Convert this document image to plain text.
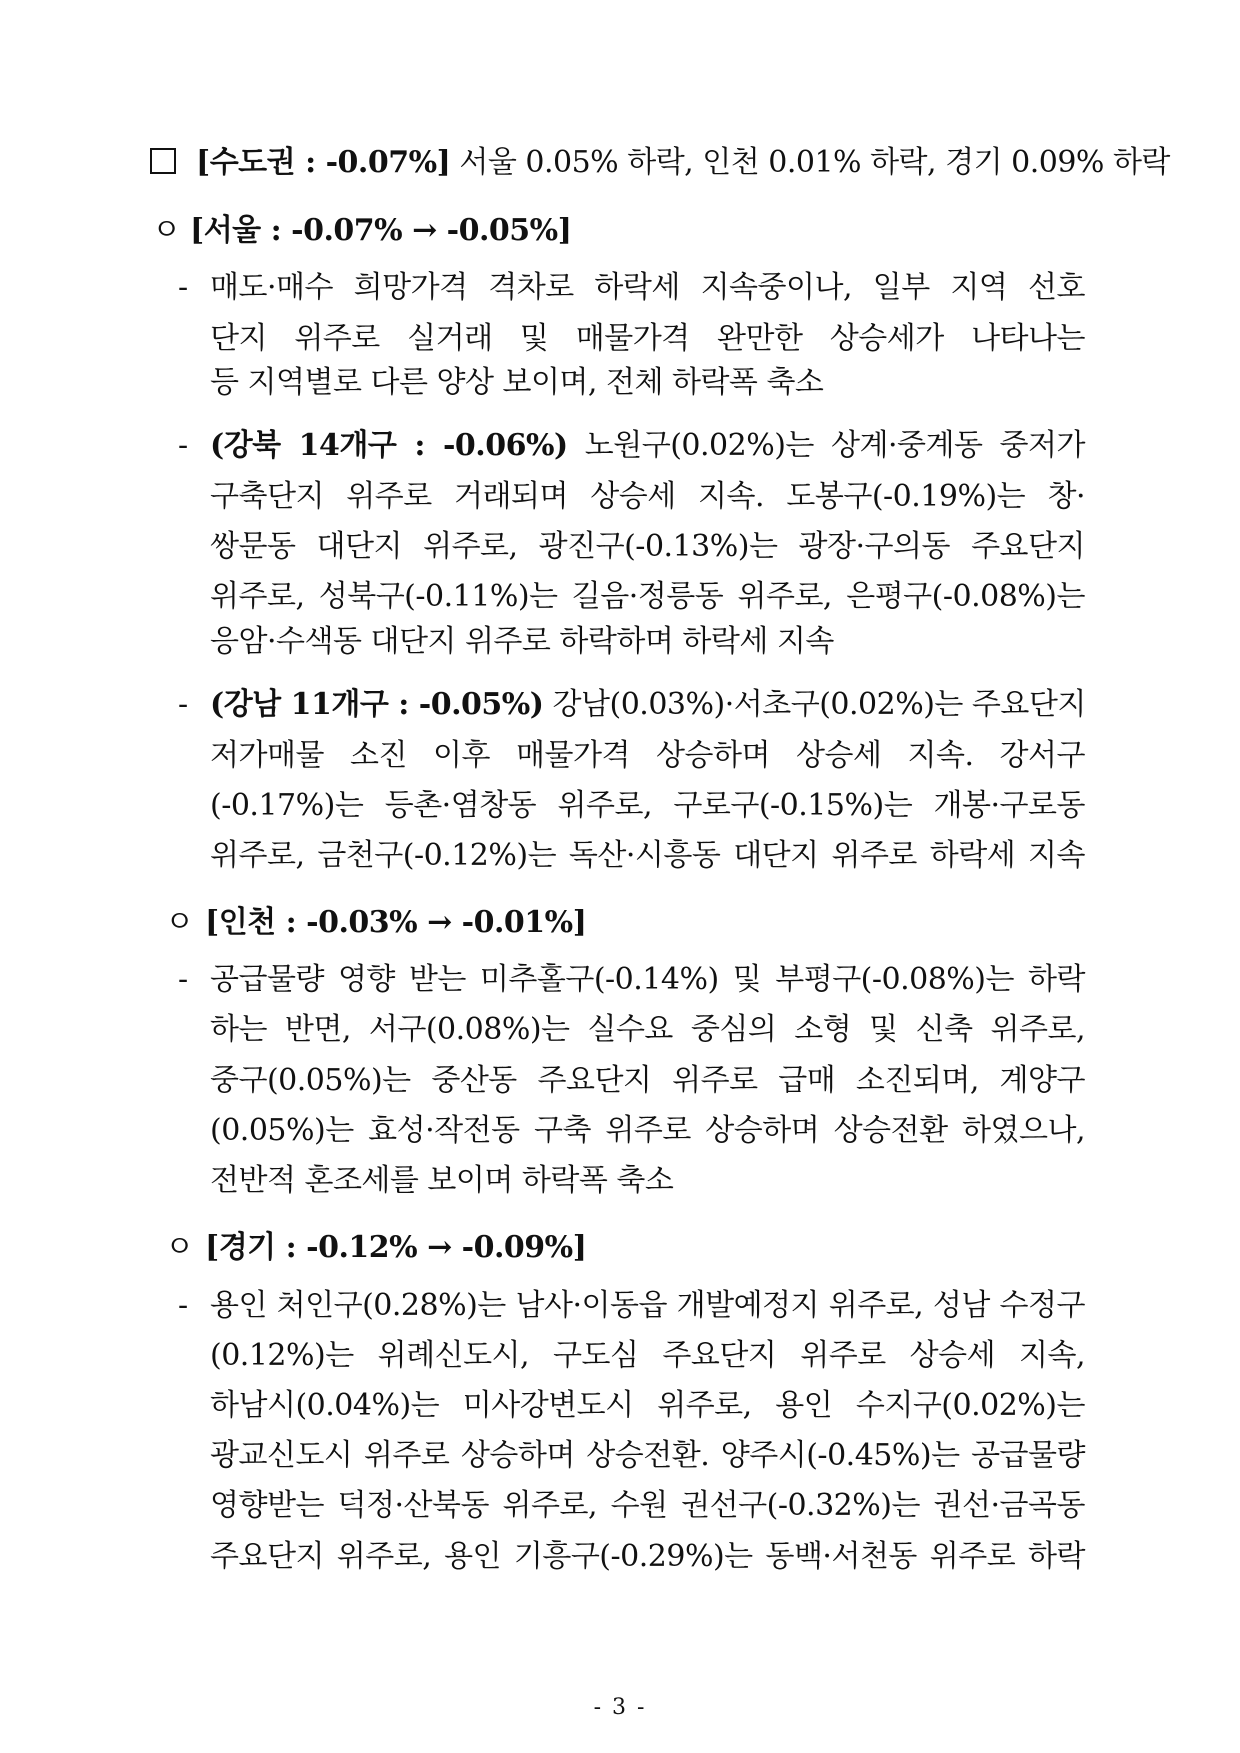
[수도권 : -0.07%] 서울 0.05% 하락, 인천 0.01% 하락, 경기 0.09% 하락
ㅇ [서울 : -0.07% → -0.05%]
- 매도·매수 희망가격 격차로 하락세 지속중이나, 일부 지역 선호
단지 위주로 실거래 및 매물가격 완만한 상승세가 나타나는
등 지역별로 다른 양상 보이며, 전체 하락폭 축소
- (강북 14개구 : -0.06%) 노원구(0.02%)는 상계·중계동 중저가
구축단지 위주로 거래되며 상승세 지속. 도봉구(-0.19%)는 창·
쌍문동 대단지 위주로, 광진구(-0.13%)는 광장·구의동 주요단지
위주로, 성북구(-0.11%)는 길음·정릉동 위주로, 은평구(-0.08%)는
응암·수색동 대단지 위주로 하락하며 하락세 지속
- (강남 11개구 : -0.05%) 강남(0.03%)·서초구(0.02%)는 주요단지
저가매물 소진 이후 매물가격 상승하며 상승세 지속. 강서구
(-0.17%)는 등촌·염창동 위주로, 구로구(-0.15%)는 개봉·구로동
위주로, 금천구(-0.12%)는 독산·시흥동 대단지 위주로 하락세 지속
ㅇ [인천 : -0.03% → -0.01%]
- 공급물량 영향 받는 미추홀구(-0.14%) 및 부평구(-0.08%)는 하락
하는 반면, 서구(0.08%)는 실수요 중심의 소형 및 신축 위주로,
중구(0.05%)는 중산동 주요단지 위주로 급매 소진되며, 계양구
(0.05%)는 효성·작전동 구축 위주로 상승하며 상승전환 하였으나,
전반적 혼조세를 보이며 하락폭 축소
ㅇ [경기 : -0.12% → -0.09%]
- 용인 처인구(0.28%)는 남사·이동읍 개발예정지 위주로, 성남 수정구
(0.12%)는 위례신도시, 구도심 주요단지 위주로 상승세 지속,
하남시(0.04%)는 미사강변도시 위주로, 용인 수지구(0.02%)는
광교신도시 위주로 상승하며 상승전환. 양주시(-0.45%)는 공급물량
영향받는 덕정·산북동 위주로, 수원 권선구(-0.32%)는 권선·금곡동
주요단지 위주로, 용인 기흥구(-0.29%)는 동백·서천동 위주로 하락
- 3 -
